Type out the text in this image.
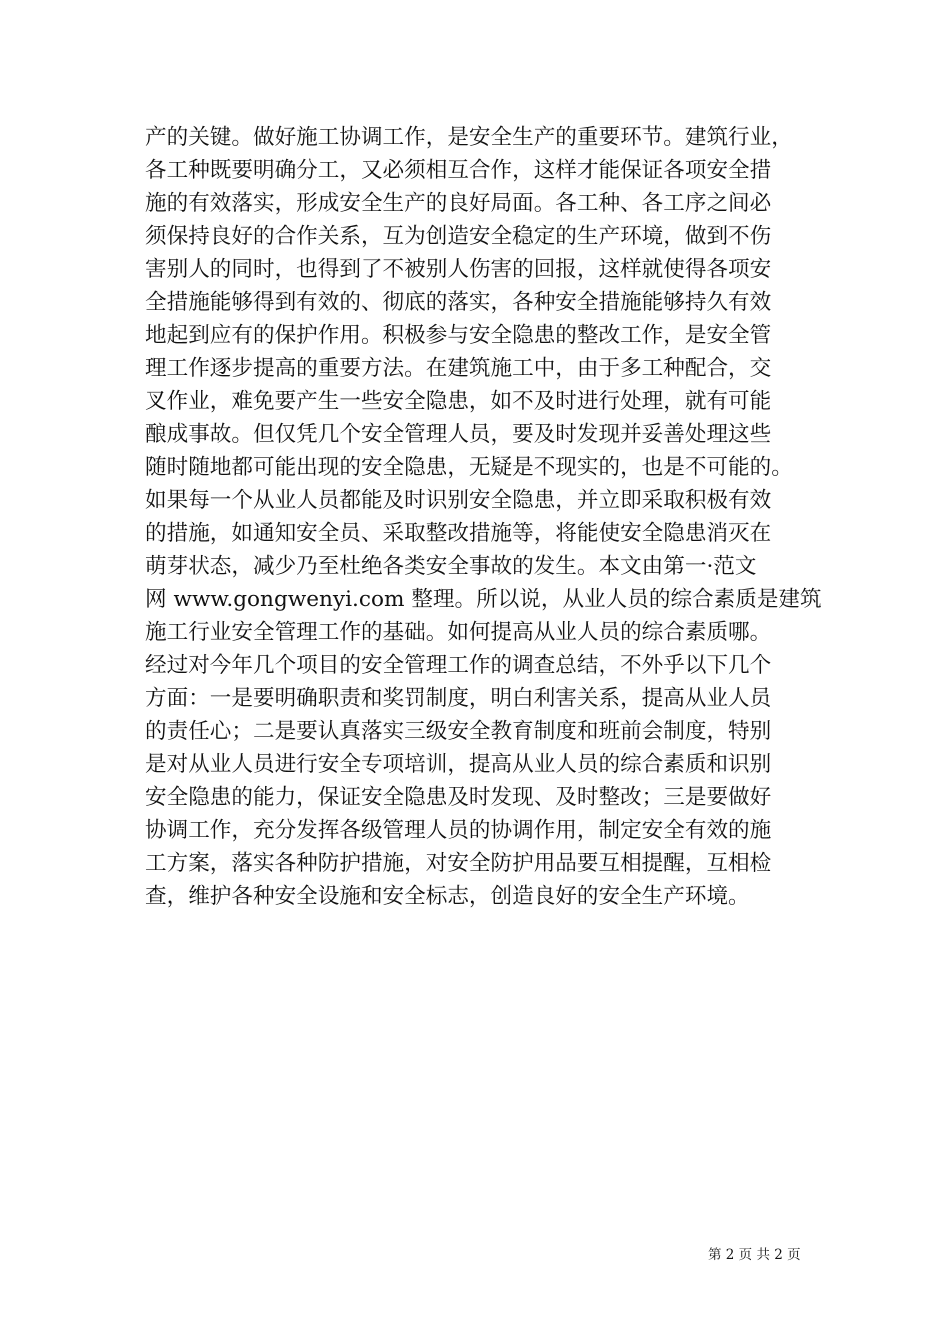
产的关键。做好施工协调工作，是安全生产的重要环节。建筑行业，
各工种既要明确分工，又必须相互合作，这样才能保证各项安全措
施的有效落实，形成安全生产的良好局面。各工种、各工序之间必
须保持良好的合作关系，互为创造安全稳定的生产环境，做到不伤
害别人的同时，也得到了不被别人伤害的回报，这样就使得各项安
全措施能够得到有效的、彻底的落实，各种安全措施能够持久有效
地起到应有的保护作用。积极参与安全隐患的整改工作，是安全管
理工作逐步提高的重要方法。在建筑施工中，由于多工种配合，交
叉作业，难免要产生一些安全隐患，如不及时进行处理，就有可能
酿成事故。但仅凭几个安全管理人员，要及时发现并妥善处理这些
随时随地都可能出现的安全隐患，无疑是不现实的，也是不可能的。
如果每一个从业人员都能及时识别安全隐患，并立即采取积极有效
的措施，如通知安全员、采取整改措施等，将能使安全隐患消灭在
萌芽状态，减少乃至杜绝各类安全事故的发生。本文由第一·范文
网 www.gongwenyi.com 整理。所以说，从业人员的综合素质是建筑
施工行业安全管理工作的基础。如何提高从业人员的综合素质哪。
经过对今年几个项目的安全管理工作的调查总结，不外乎以下几个
方面：一是要明确职责和奖罚制度，明白利害关系，提高从业人员
的责任心；二是要认真落实三级安全教育制度和班前会制度，特别
是对从业人员进行安全专项培训，提高从业人员的综合素质和识别
安全隐患的能力，保证安全隐患及时发现、及时整改；三是要做好
协调工作，充分发挥各级管理人员的协调作用，制定安全有效的施
工方案，落实各种防护措施，对安全防护用品要互相提醒，互相检
查，维护各种安全设施和安全标志，创造良好的安全生产环境。
第 2 页 共 2 页
